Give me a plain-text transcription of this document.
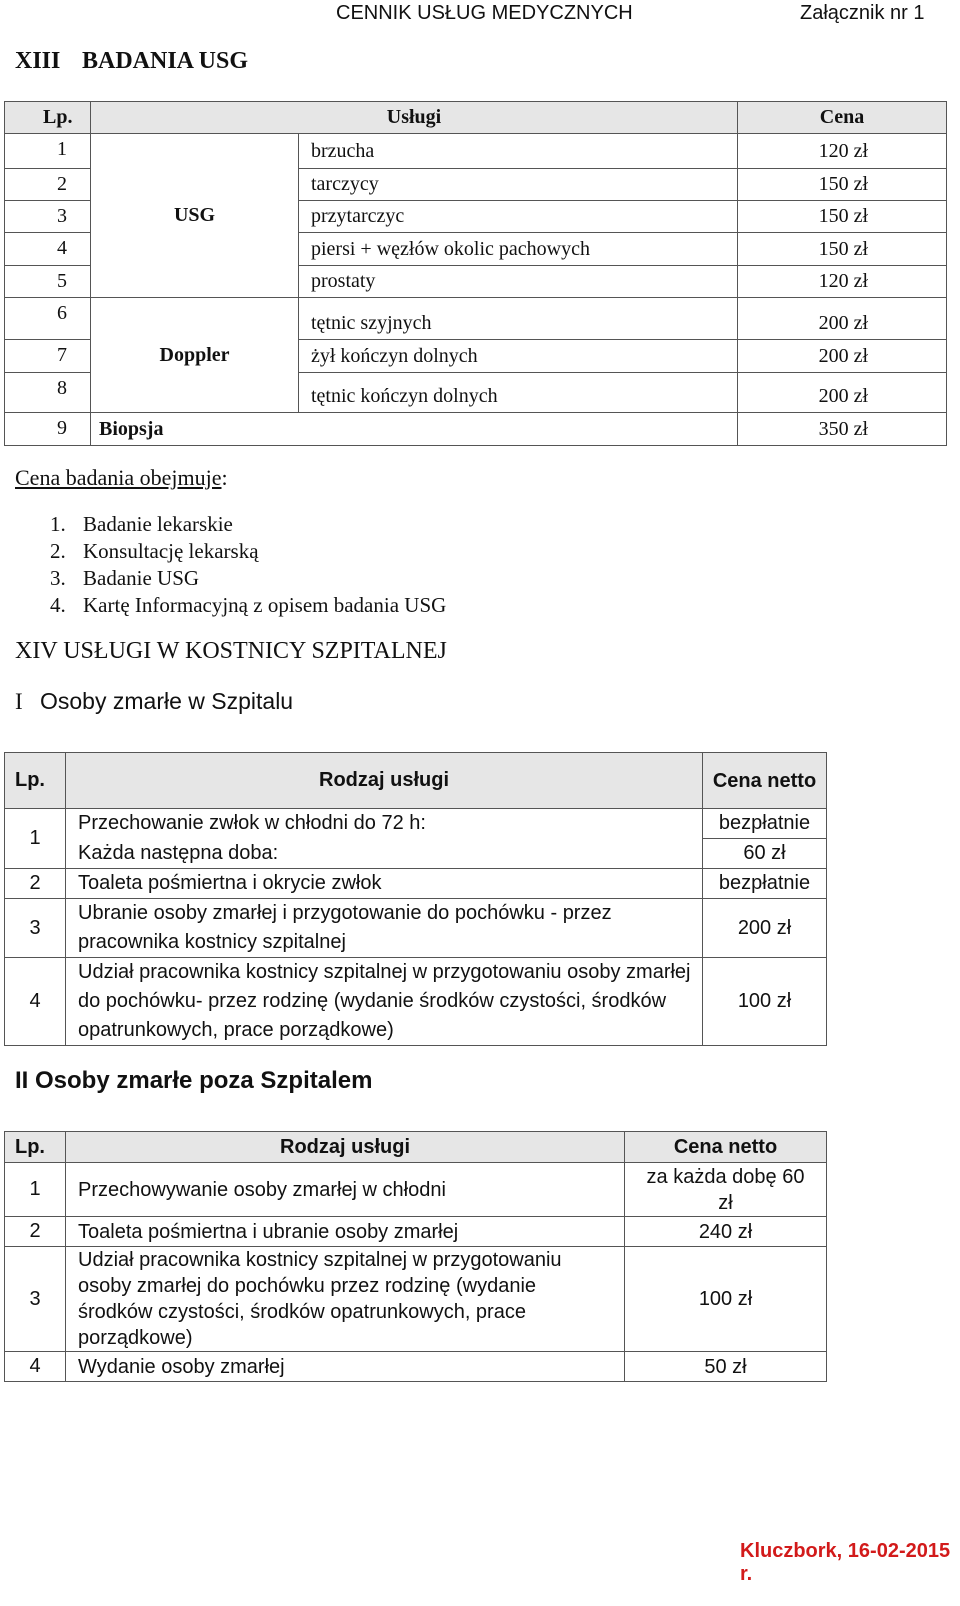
CENNIK USŁUG MEDYCZNYCH	Załącznik nr 1
XIII BADANIA USG
Lp.	Usługi		Cena
1	USG	brzucha	120 zł
2		tarczycy	150 zł
3		przytarczyc	150 zł
4		piersi + węzłów okolic pachowych	150 zł
5		prostaty	120 zł
6	Doppler	tętnic szyjnych	200 zł
7		żył kończyn dolnych	200 zł
8		tętnic kończyn dolnych	200 zł
9	Biopsja		350 zł
Cena badania obejmuje:
1. Badanie lekarskie
2. Konsultację lekarską
3. Badanie USG
4. Kartę Informacyjną z opisem badania USG
XIV USŁUGI W KOSTNICY SZPITALNEJ
I Osoby zmarłe w Szpitalu
Lp.	Rodzaj usługi	Cena netto
1	Przechowanie zwłok w chłodni do 72 h:	bezpłatnie
	Każda następna doba:	60 zł
2	Toaleta pośmiertna i okrycie zwłok	bezpłatnie
3	Ubranie osoby zmarłej i przygotowanie do pochówku - przez pracownika kostnicy szpitalnej	200 zł
4	Udział pracownika kostnicy szpitalnej w przygotowaniu osoby zmarłej do pochówku- przez rodzinę (wydanie środków czystości, środków opatrunkowych, prace porządkowe)	100 zł
II Osoby zmarłe poza Szpitalem
Lp.	Rodzaj usługi	Cena netto
1	Przechowywanie osoby zmarłej w chłodni	za każda dobę 60 zł
2	Toaleta pośmiertna i ubranie osoby zmarłej	240 zł
3	Udział pracownika kostnicy szpitalnej w przygotowaniu osoby zmarłej do pochówku przez rodzinę (wydanie środków czystości, środków opatrunkowych, prace porządkowe)	100 zł
4	Wydanie osoby zmarłej	50 zł
Kluczbork, 16-02-2015 r.
